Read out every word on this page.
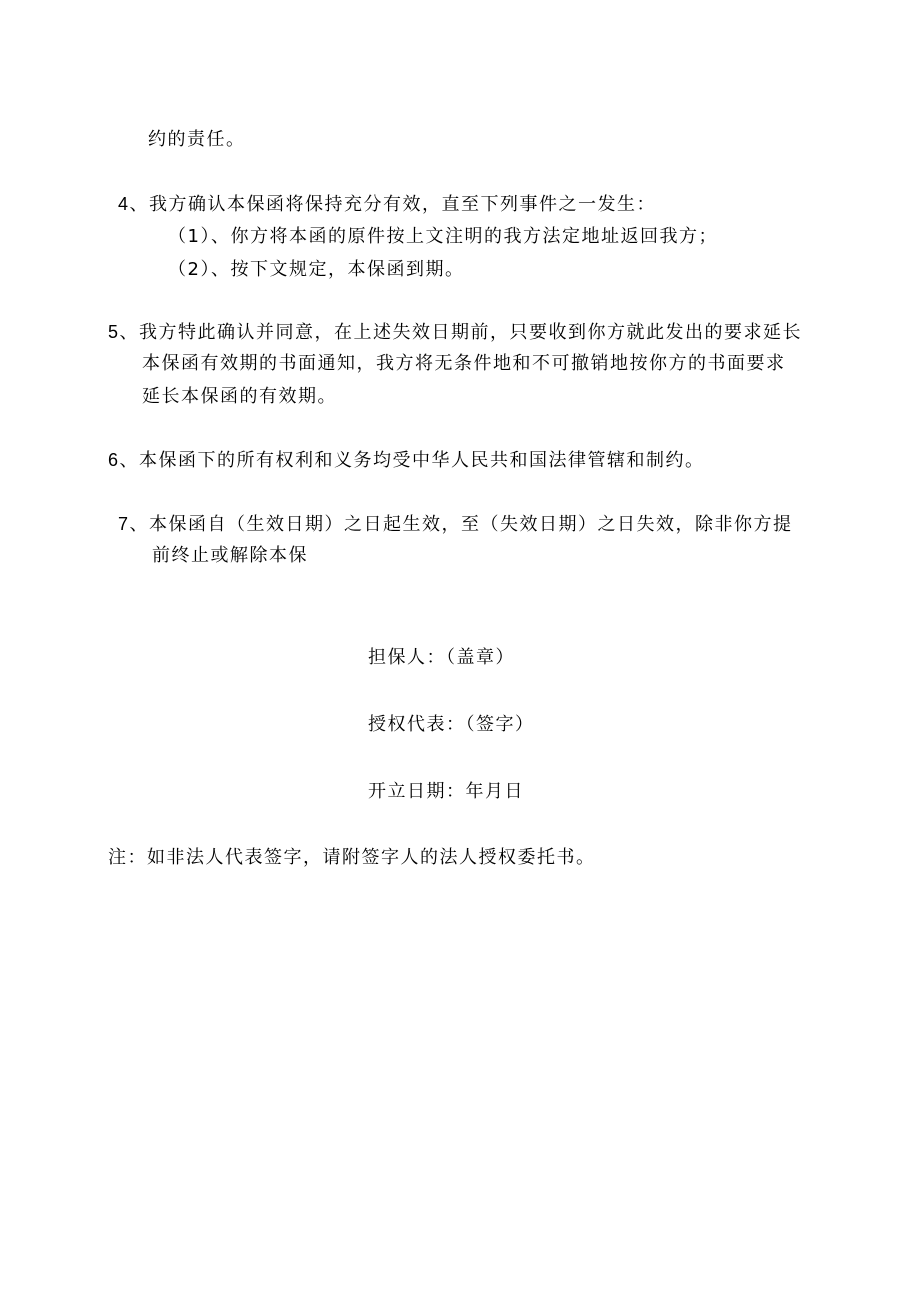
约的责任。
4、我方确认本保函将保持充分有效，直至下列事件之一发生：
（1）、你方将本函的原件按上文注明的我方法定地址返回我方；
（2）、按下文规定，本保函到期。
5、我方特此确认并同意，在上述失效日期前，只要收到你方就此发出的要求延长
本保函有效期的书面通知，我方将无条件地和不可撤销地按你方的书面要求
延长本保函的有效期。
6、本保函下的所有权利和义务均受中华人民共和国法律管辖和制约。
7、本保函自（生效日期）之日起生效，至（失效日期）之日失效，除非你方提
前终止或解除本保
担保人：（盖章）
授权代表：（签字）
开立日期：年月日
注：如非法人代表签字，请附签字人的法人授权委托书。
